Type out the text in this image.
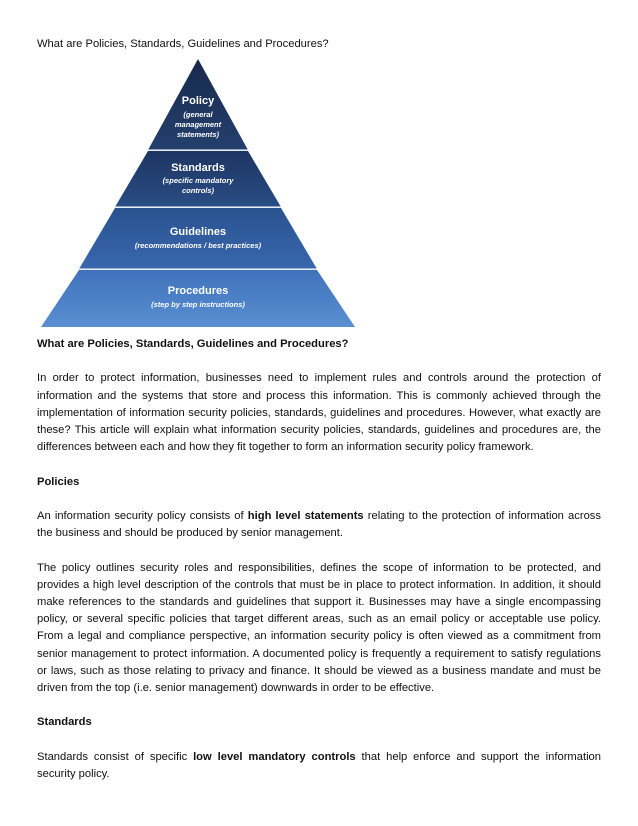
What are Policies, Standards, Guidelines and Procedures?
Policy
(general
management
statements)
Standards
(specific mandatory
controls)
Guidelines
(recommendations / best practices)
Procedures
(step by step instructions)
What are Policies, Standards, Guidelines and Procedures?

In order to protect information, businesses need to implement rules and controls around the protection of information and the systems that store and process this information. This is commonly achieved through the implementation of information security policies, standards, guidelines and procedures. However, what exactly are these? This article will explain what information security policies, standards, guidelines and procedures are, the differences between each and how they fit together to form an information security policy framework.

Policies

An information security policy consists of high level statements relating to the protection of information across the business and should be produced by senior management.

The policy outlines security roles and responsibilities, defines the scope of information to be protected, and provides a high level description of the controls that must be in place to protect information. In addition, it should make references to the standards and guidelines that support it. Businesses may have a single encompassing policy, or several specific policies that target different areas, such as an email policy or acceptable use policy. From a legal and compliance perspective, an information security policy is often viewed as a commitment from senior management to protect information. A documented policy is frequently a requirement to satisfy regulations or laws, such as those relating to privacy and finance. It should be viewed as a business mandate and must be driven from the top (i.e. senior management) downwards in order to be effective.

Standards

Standards consist of specific low level mandatory controls that help enforce and support the information security policy.
